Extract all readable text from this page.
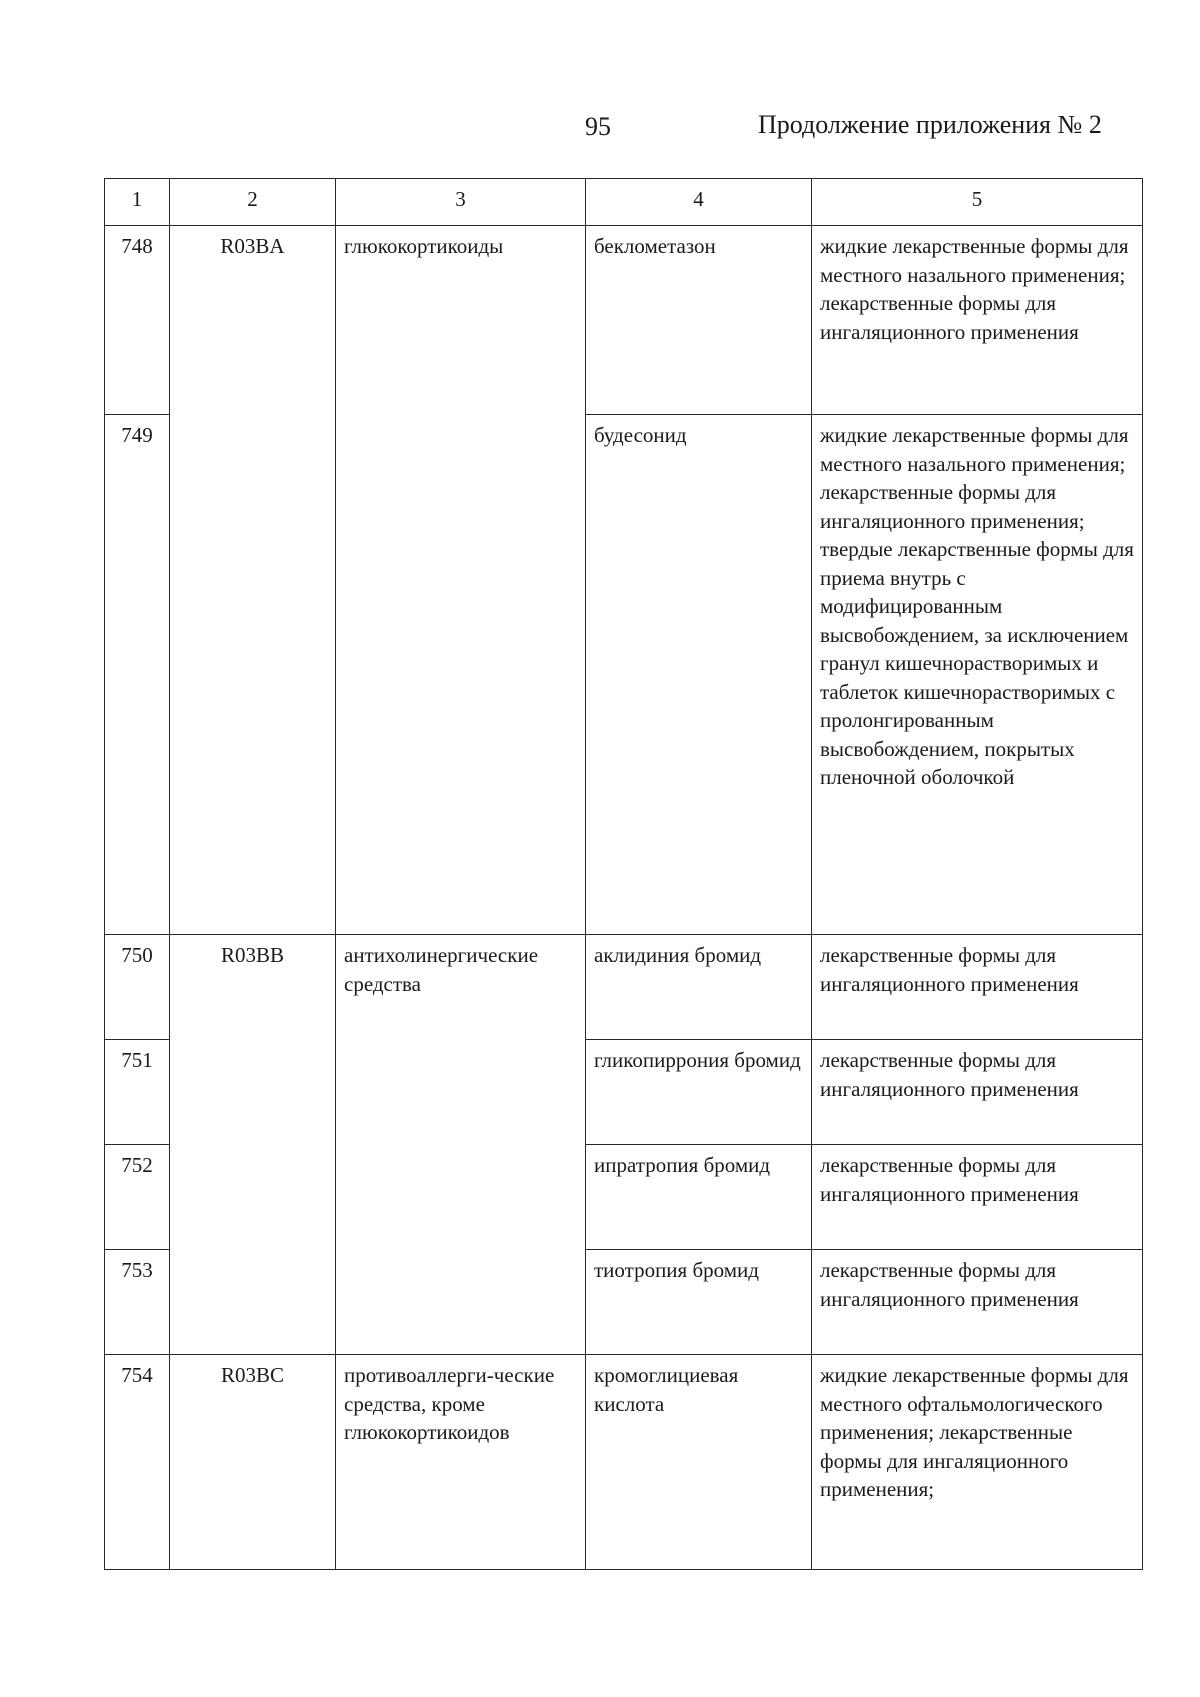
95	Продолжение приложения № 2
1	2	3	4	5
748	R03BA	глюкокортикоиды	беклометазон	жидкие лекарственные формы для местного назального применения; лекарственные формы для ингаляционного применения
749			будесонид	жидкие лекарственные формы для местного назального применения; лекарственные формы для ингаляционного применения; твердые лекарственные формы для приема внутрь с модифицированным высвобождением, за исключением гранул кишечнорастворимых и таблеток кишечнорастворимых с пролонгированным высвобождением, покрытых пленочной оболочкой
750	R03BB	антихолинергические средства	аклидиния бромид	лекарственные формы для ингаляционного применения
751			гликопиррония бромид	лекарственные формы для ингаляционного применения
752			ипратропия бромид	лекарственные формы для ингаляционного применения
753			тиотропия бромид	лекарственные формы для ингаляционного применения
754	R03BC	противоаллерги-ческие средства, кроме глюкокортикоидов	кромоглициевая кислота	жидкие лекарственные формы для местного офтальмологического применения; лекарственные формы для ингаляционного применения;
